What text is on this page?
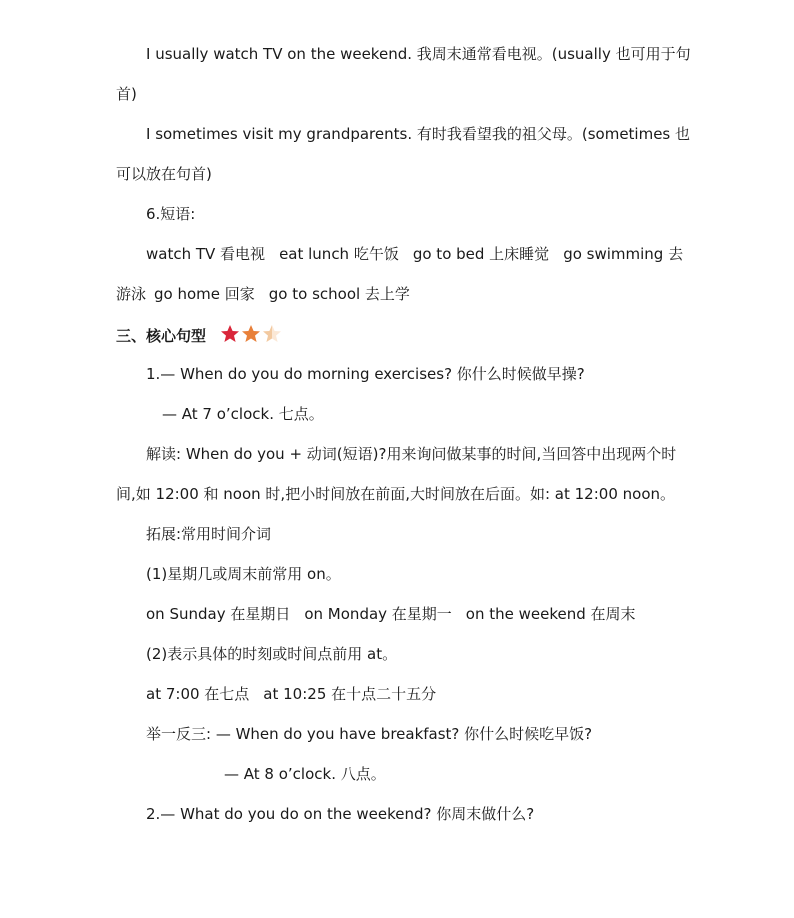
I usually watch TV on the weekend. 我周末通常看电视。(usually 也可用于句
首)
I sometimes visit my grandparents. 有时我看望我的祖父母。(sometimes 也
可以放在句首)
6.短语:
watch TV 看电视 eat lunch 吃午饭 go to bed 上床睡觉 go swimming 去
游泳 go home 回家 go to school 去上学
三、核心句型
1.— When do you do morning exercises? 你什么时候做早操?
— At 7 o’clock. 七点。
解读: When do you + 动词(短语)?用来询问做某事的时间,当回答中出现两个时
间,如 12:00 和 noon 时,把小时间放在前面,大时间放在后面。如: at 12:00 noon。
拓展:常用时间介词
(1)星期几或周末前常用 on。
on Sunday 在星期日 on Monday 在星期一 on the weekend 在周末
(2)表示具体的时刻或时间点前用 at。
at 7:00 在七点 at 10:25 在十点二十五分
举一反三: — When do you have breakfast? 你什么时候吃早饭?
— At 8 o’clock. 八点。
2.— What do you do on the weekend? 你周末做什么?
